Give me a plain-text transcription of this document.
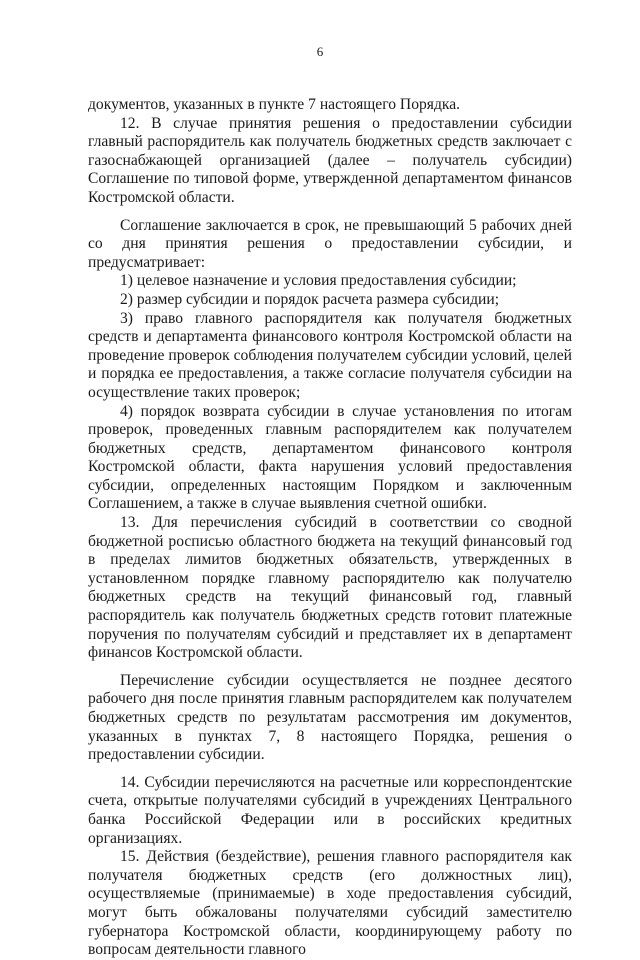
6

документов, указанных в пункте 7 настоящего Порядка.

12. В случае принятия решения о предоставлении субсидии главный распорядитель как получатель бюджетных средств заключает с газоснабжающей организацией (далее – получатель субсидии) Соглашение по типовой форме, утвержденной департаментом финансов Костромской области.

Соглашение заключается в срок, не превышающий 5 рабочих дней со дня принятия решения о предоставлении субсидии, и предусматривает:

1) целевое назначение и условия предоставления субсидии;

2) размер субсидии и порядок расчета размера субсидии;

3) право главного распорядителя как получателя бюджетных средств и департамента финансового контроля Костромской области на проведение проверок соблюдения получателем субсидии условий, целей и порядка ее предоставления, а также согласие получателя субсидии на осуществление таких проверок;

4) порядок возврата субсидии в случае установления по итогам проверок, проведенных главным распорядителем как получателем бюджетных средств, департаментом финансового контроля Костромской области, факта нарушения условий предоставления субсидии, определенных настоящим Порядком и заключенным Соглашением, а также в случае выявления счетной ошибки.

13. Для перечисления субсидий в соответствии со сводной бюджетной росписью областного бюджета на текущий финансовый год в пределах лимитов бюджетных обязательств, утвержденных в установленном порядке главному распорядителю как получателю бюджетных средств на текущий финансовый год, главный распорядитель как получатель бюджетных средств готовит платежные поручения по получателям субсидий и представляет их в департамент финансов Костромской области.

Перечисление субсидии осуществляется не позднее десятого рабочего дня после принятия главным распорядителем как получателем бюджетных средств по результатам рассмотрения им документов, указанных в пунктах 7, 8 настоящего Порядка, решения о предоставлении субсидии.

14. Субсидии перечисляются на расчетные или корреспондентские счета, открытые получателями субсидий в учреждениях Центрального банка Российской Федерации или в российских кредитных организациях.

15. Действия (бездействие), решения главного распорядителя как получателя бюджетных средств (его должностных лиц), осуществляемые (принимаемые) в ходе предоставления субсидий, могут быть обжалованы получателями субсидий заместителю губернатора Костромской области, координирующему работу по вопросам деятельности главного
